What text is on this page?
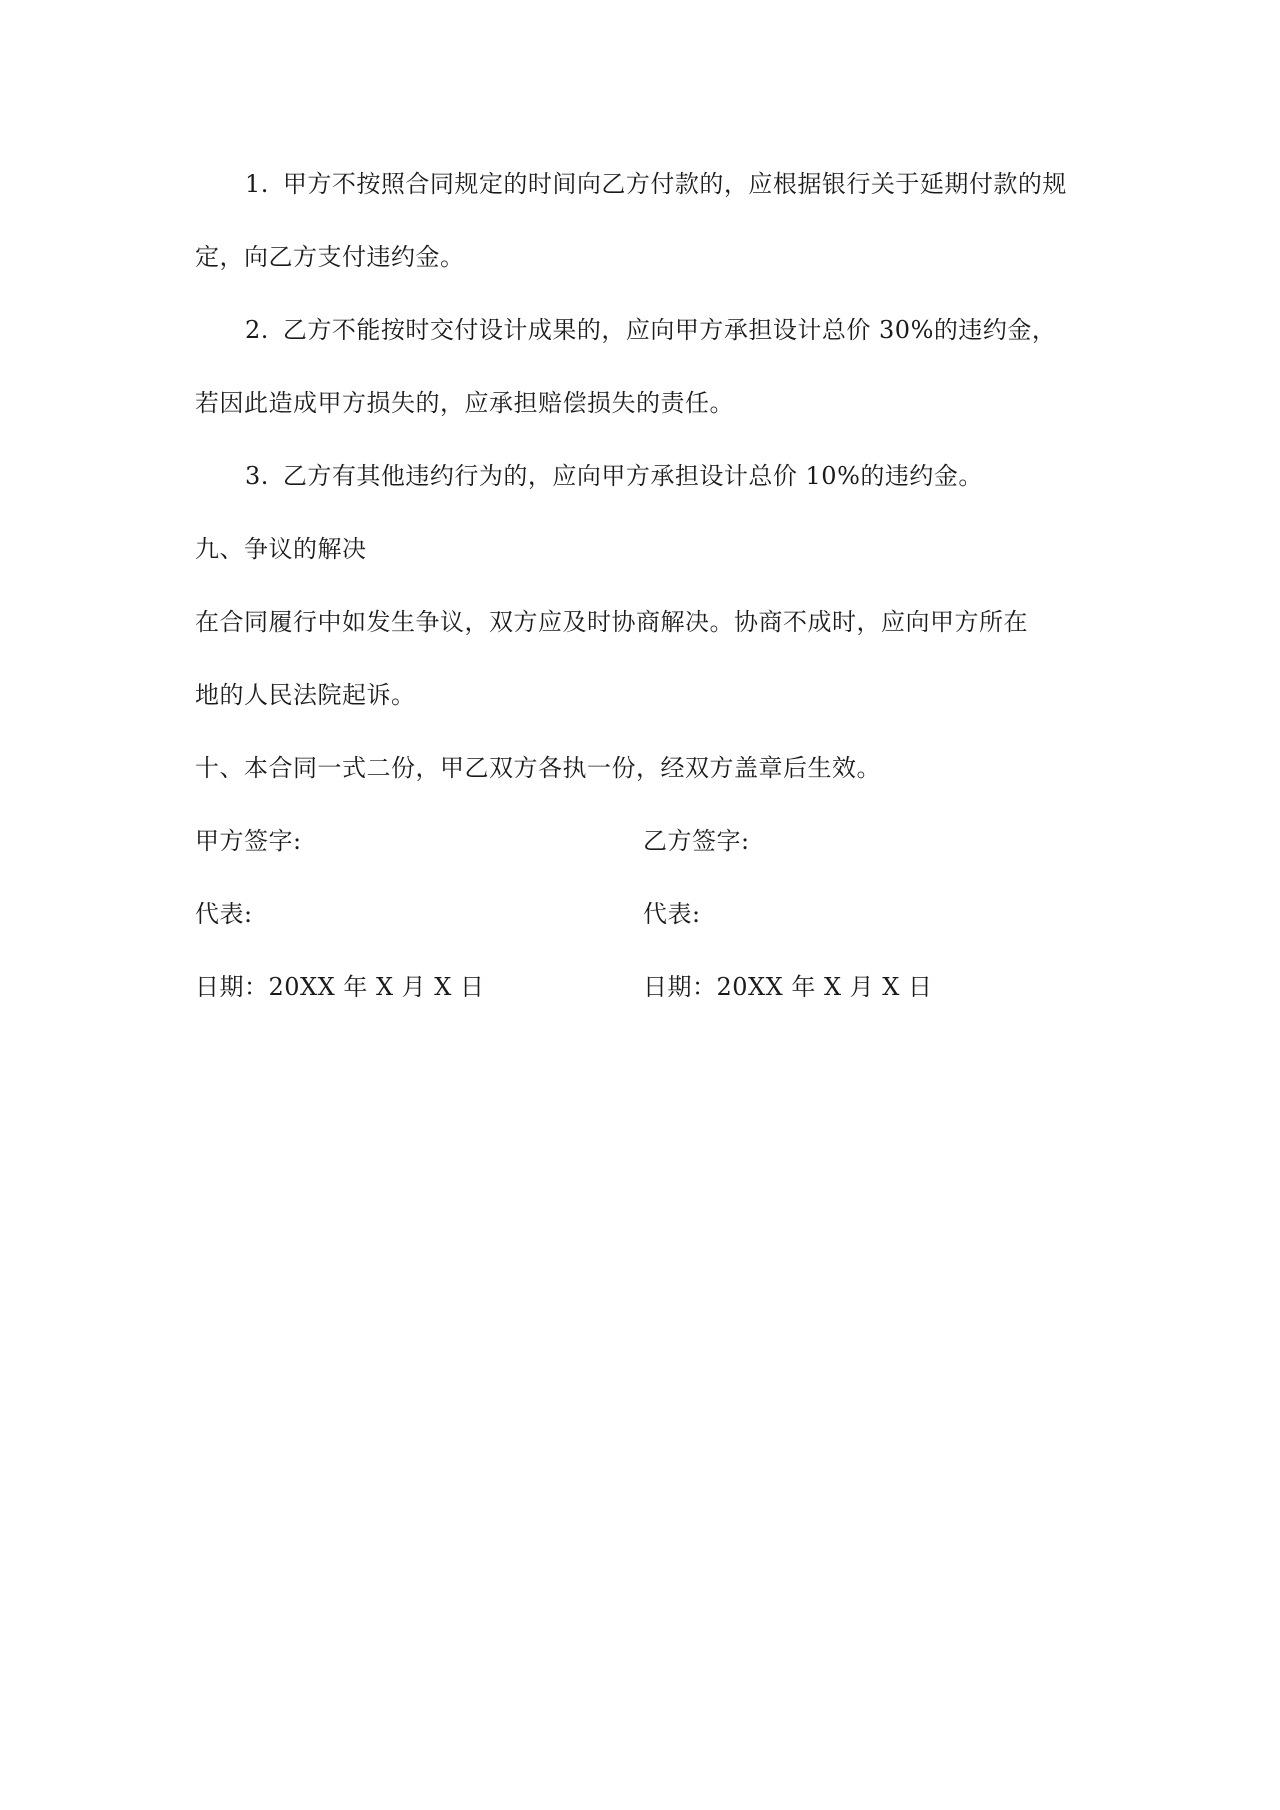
1. 甲方不按照合同规定的时间向乙方付款的，应根据银行关于延期付款的规

定，向乙方支付违约金。

2. 乙方不能按时交付设计成果的，应向甲方承担设计总价 30%的违约金，

若因此造成甲方损失的，应承担赔偿损失的责任。

3. 乙方有其他违约行为的，应向甲方承担设计总价 10%的违约金。

九、争议的解决

在合同履行中如发生争议，双方应及时协商解决。协商不成时，应向甲方所在

地的人民法院起诉。

十、本合同一式二份，甲乙双方各执一份，经双方盖章后生效。

甲方签字:	乙方签字:
代表:	代表:
日期：20XX 年 X 月 X 日	日期：20XX 年 X 月 X 日
